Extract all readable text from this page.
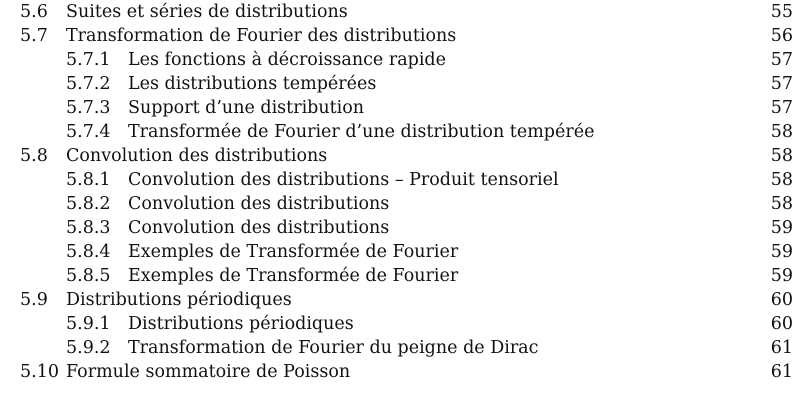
5.6 Suites et séries de distributions	55
5.7 Transformation de Fourier des distributions	56
5.7.1 Les fonctions à décroissance rapide	57
5.7.2 Les distributions tempérées	57
5.7.3 Support d’une distribution	57
5.7.4 Transformée de Fourier d’une distribution tempérée	58
5.8 Convolution des distributions	58
5.8.1 Convolution des distributions – Produit tensoriel	58
5.8.2 Convolution des distributions	58
5.8.3 Convolution des distributions	59
5.8.4 Exemples de Transformée de Fourier	59
5.8.5 Exemples de Transformée de Fourier	59
5.9 Distributions périodiques	60
5.9.1 Distributions périodiques	60
5.9.2 Transformation de Fourier du peigne de Dirac	61
5.10 Formule sommatoire de Poisson	61
